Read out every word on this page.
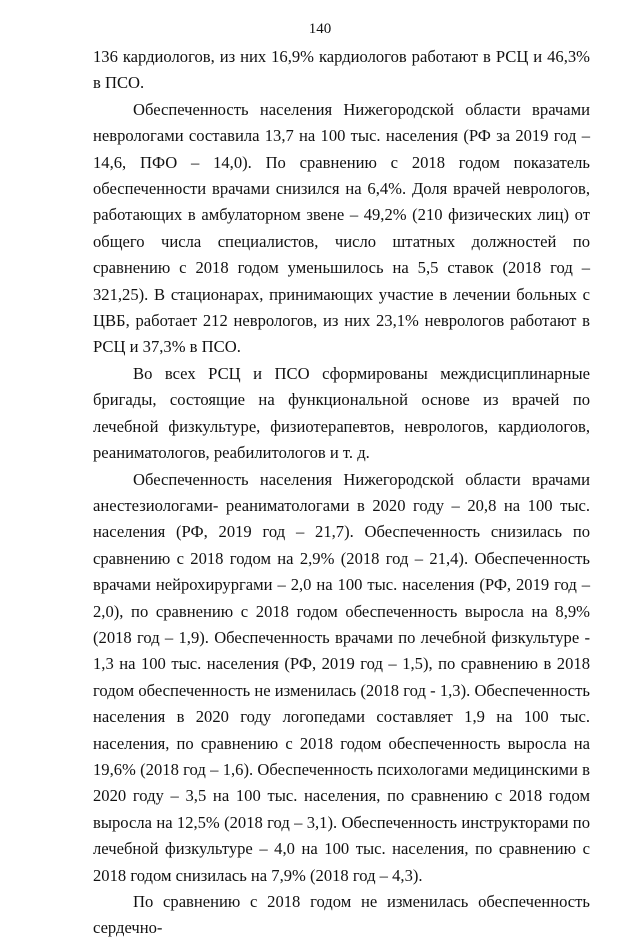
140

136 кардиологов, из них 16,9% кардиологов работают в РСЦ и 46,3% в ПСО.

Обеспеченность населения Нижегородской области врачами неврологами составила 13,7 на 100 тыс. населения (РФ за 2019 год – 14,6, ПФО – 14,0). По сравнению с 2018 годом показатель обеспеченности врачами снизился на 6,4%. Доля врачей неврологов, работающих в амбулаторном звене – 49,2% (210 физических лиц) от общего числа специалистов, число штатных должностей по сравнению с 2018 годом уменьшилось на 5,5 ставок (2018 год – 321,25). В стационарах, принимающих участие в лечении больных с ЦВБ, работает 212 неврологов, из них 23,1% неврологов работают в РСЦ и 37,3% в ПСО.

Во всех РСЦ и ПСО сформированы междисциплинарные бригады, состоящие на функциональной основе из врачей по лечебной физкультуре, физиотерапевтов, неврологов, кардиологов, реаниматологов, реабилитологов и т. д.

Обеспеченность населения Нижегородской области врачами анестезиологами- реаниматологами в 2020 году – 20,8 на 100 тыс. населения (РФ, 2019 год – 21,7). Обеспеченность снизилась по сравнению с 2018 годом на 2,9% (2018 год – 21,4). Обеспеченность врачами нейрохирургами – 2,0 на 100 тыс. населения (РФ, 2019 год – 2,0), по сравнению с 2018 годом обеспеченность выросла на 8,9% (2018 год – 1,9). Обеспеченность врачами по лечебной физкультуре - 1,3 на 100 тыс. населения (РФ, 2019 год – 1,5), по сравнению в 2018 годом обеспеченность не изменилась (2018 год - 1,3). Обеспеченность населения в 2020 году логопедами составляет 1,9 на 100 тыс. населения, по сравнению с 2018 годом обеспеченность выросла на 19,6% (2018 год – 1,6). Обеспеченность психологами медицинскими в 2020 году – 3,5 на 100 тыс. населения, по сравнению с 2018 годом выросла на 12,5% (2018 год – 3,1). Обеспеченность инструкторами по лечебной физкультуре – 4,0 на 100 тыс. населения, по сравнению с 2018 годом снизилась на 7,9% (2018 год – 4,3).

По сравнению с 2018 годом не изменилась обеспеченность сердечно-
